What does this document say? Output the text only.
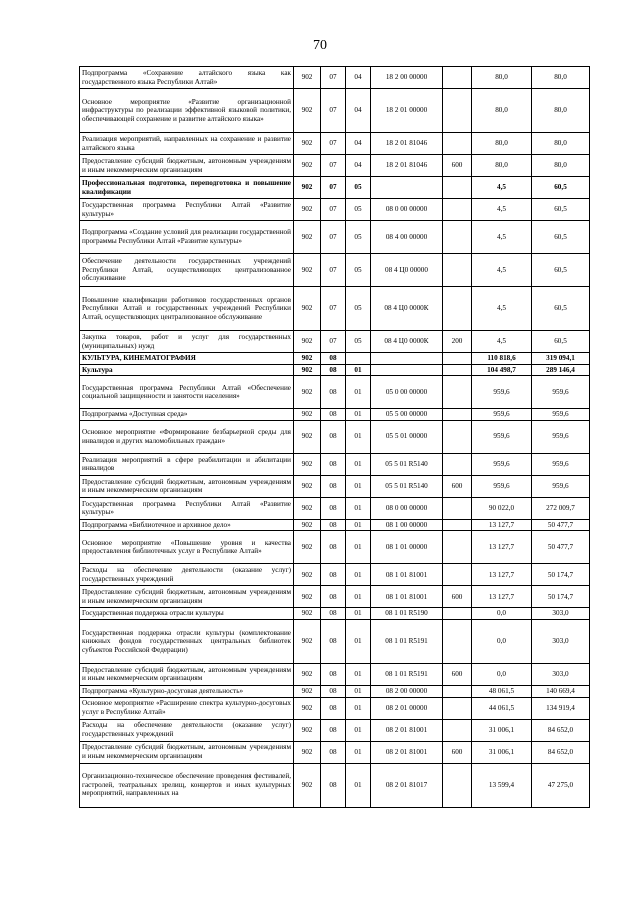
70
Подпрограмма «Сохранение алтайского языка как государственного языка Республики Алтай»	902	07	04	18 2 00 00000		80,0	80,0
Основное мероприятие «Развитие организационной инфраструктуры по реализации эффективной языковой политики, обеспечивающей сохранение и развитие алтайского языка»	902	07	04	18 2 01 00000		80,0	80,0
Реализация мероприятий, направленных на сохранение и развитие алтайского языка	902	07	04	18 2 01 81046		80,0	80,0
Предоставление субсидий бюджетным, автономным учреждениям и иным некоммерческим организациям	902	07	04	18 2 01 81046	600	80,0	80,0
Профессиональная подготовка, переподготовка и повышение квалификации	902	07	05			4,5	60,5
Государственная программа Республики Алтай «Развитие культуры»	902	07	05	08 0 00 00000		4,5	60,5
Подпрограмма «Создание условий для реализации государственной программы Республики Алтай «Развитие культуры»	902	07	05	08 4 00 00000		4,5	60,5
Обеспечение деятельности государственных учреждений Республики Алтай, осуществляющих централизованное обслуживание	902	07	05	08 4 Ц0 00000		4,5	60,5
Повышение квалификации работников государственных органов Республики Алтай и государственных учреждений Республики Алтай, осуществляющих централизованное обслуживание	902	07	05	08 4 Ц0 0000К		4,5	60,5
Закупка товаров, работ и услуг для государственных (муниципальных) нужд	902	07	05	08 4 Ц0 0000К	200	4,5	60,5
КУЛЬТУРА, КИНЕМАТОГРАФИЯ	902	08				110 818,6	319 094,1
Культура	902	08	01			104 498,7	289 146,4
Государственная программа Республики Алтай «Обеспечение социальной защищенности и занятости населения»	902	08	01	05 0 00 00000		959,6	959,6
Подпрограмма «Доступная среда»	902	08	01	05 5 00 00000		959,6	959,6
Основное мероприятие «Формирование безбарьерной среды для инвалидов и других маломобильных граждан»	902	08	01	05 5 01 00000		959,6	959,6
Реализация мероприятий в сфере реабилитации и абилитации инвалидов	902	08	01	05 5 01 R5140		959,6	959,6
Предоставление субсидий бюджетным, автономным учреждениям и иным некоммерческим организациям	902	08	01	05 5 01 R5140	600	959,6	959,6
Государственная программа Республики Алтай «Развитие культуры»	902	08	01	08 0 00 00000		90 022,0	272 009,7
Подпрограмма «Библиотечное и архивное дело»	902	08	01	08 1 00 00000		13 127,7	50 477,7
Основное мероприятие «Повышение уровня и качества предоставления библиотечных услуг в Республике Алтай»	902	08	01	08 1 01 00000		13 127,7	50 477,7
Расходы на обеспечение деятельности (оказание услуг) государственных учреждений	902	08	01	08 1 01 81001		13 127,7	50 174,7
Предоставление субсидий бюджетным, автономным учреждениям и иным некоммерческим организациям	902	08	01	08 1 01 81001	600	13 127,7	50 174,7
Государственная поддержка отрасли культуры	902	08	01	08 1 01 R5190		0,0	303,0
Государственная поддержка отрасли культуры (комплектование книжных фондов государственных центральных библиотек субъектов Российской Федерации)	902	08	01	08 1 01 R5191		0,0	303,0
Предоставление субсидий бюджетным, автономным учреждениям и иным некоммерческим организациям	902	08	01	08 1 01 R5191	600	0,0	303,0
Подпрограмма «Культурно-досуговая деятельность»	902	08	01	08 2 00 00000		48 061,5	140 669,4
Основное мероприятие «Расширение спектра культурно-досуговых услуг в Республике Алтай»	902	08	01	08 2 01 00000		44 061,5	134 919,4
Расходы на обеспечение деятельности (оказание услуг) государственных учреждений	902	08	01	08 2 01 81001		31 006,1	84 652,0
Предоставление субсидий бюджетным, автономным учреждениям и иным некоммерческим организациям	902	08	01	08 2 01 81001	600	31 006,1	84 652,0
Организационно-техническое обеспечение проведения фестивалей, гастролей, театральных зрелищ, концертов и иных культурных мероприятий, направленных на	902	08	01	08 2 01 81017		13 599,4	47 275,0
